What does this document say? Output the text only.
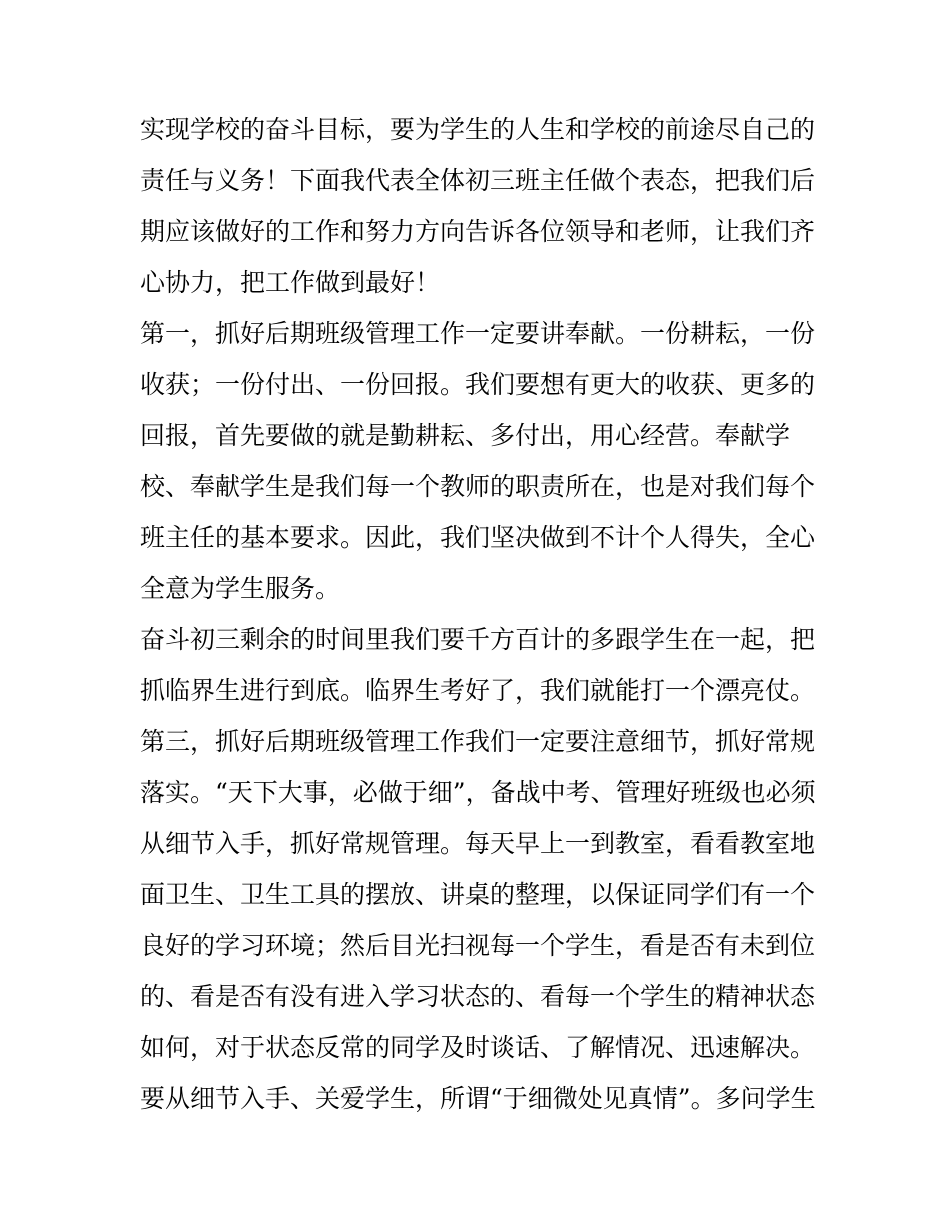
实现学校的奋斗目标，要为学生的人生和学校的前途尽自己的
责任与义务！下面我代表全体初三班主任做个表态，把我们后
期应该做好的工作和努力方向告诉各位领导和老师，让我们齐
心协力，把工作做到最好！
第一，抓好后期班级管理工作一定要讲奉献。一份耕耘，一份
收获；一份付出、一份回报。我们要想有更大的收获、更多的
回报，首先要做的就是勤耕耘、多付出，用心经营。奉献学
校、奉献学生是我们每一个教师的职责所在，也是对我们每个
班主任的基本要求。因此，我们坚决做到不计个人得失，全心
全意为学生服务。
奋斗初三剩余的时间里我们要千方百计的多跟学生在一起，把
抓临界生进行到底。临界生考好了，我们就能打一个漂亮仗。
第三，抓好后期班级管理工作我们一定要注意细节，抓好常规
落实。“天下大事，必做于细”，备战中考、管理好班级也必须
从细节入手，抓好常规管理。每天早上一到教室，看看教室地
面卫生、卫生工具的摆放、讲桌的整理，以保证同学们有一个
良好的学习环境；然后目光扫视每一个学生，看是否有未到位
的、看是否有没有进入学习状态的、看每一个学生的精神状态
如何，对于状态反常的同学及时谈话、了解情况、迅速解决。
要从细节入手、关爱学生，所谓“于细微处见真情”。多问学生
